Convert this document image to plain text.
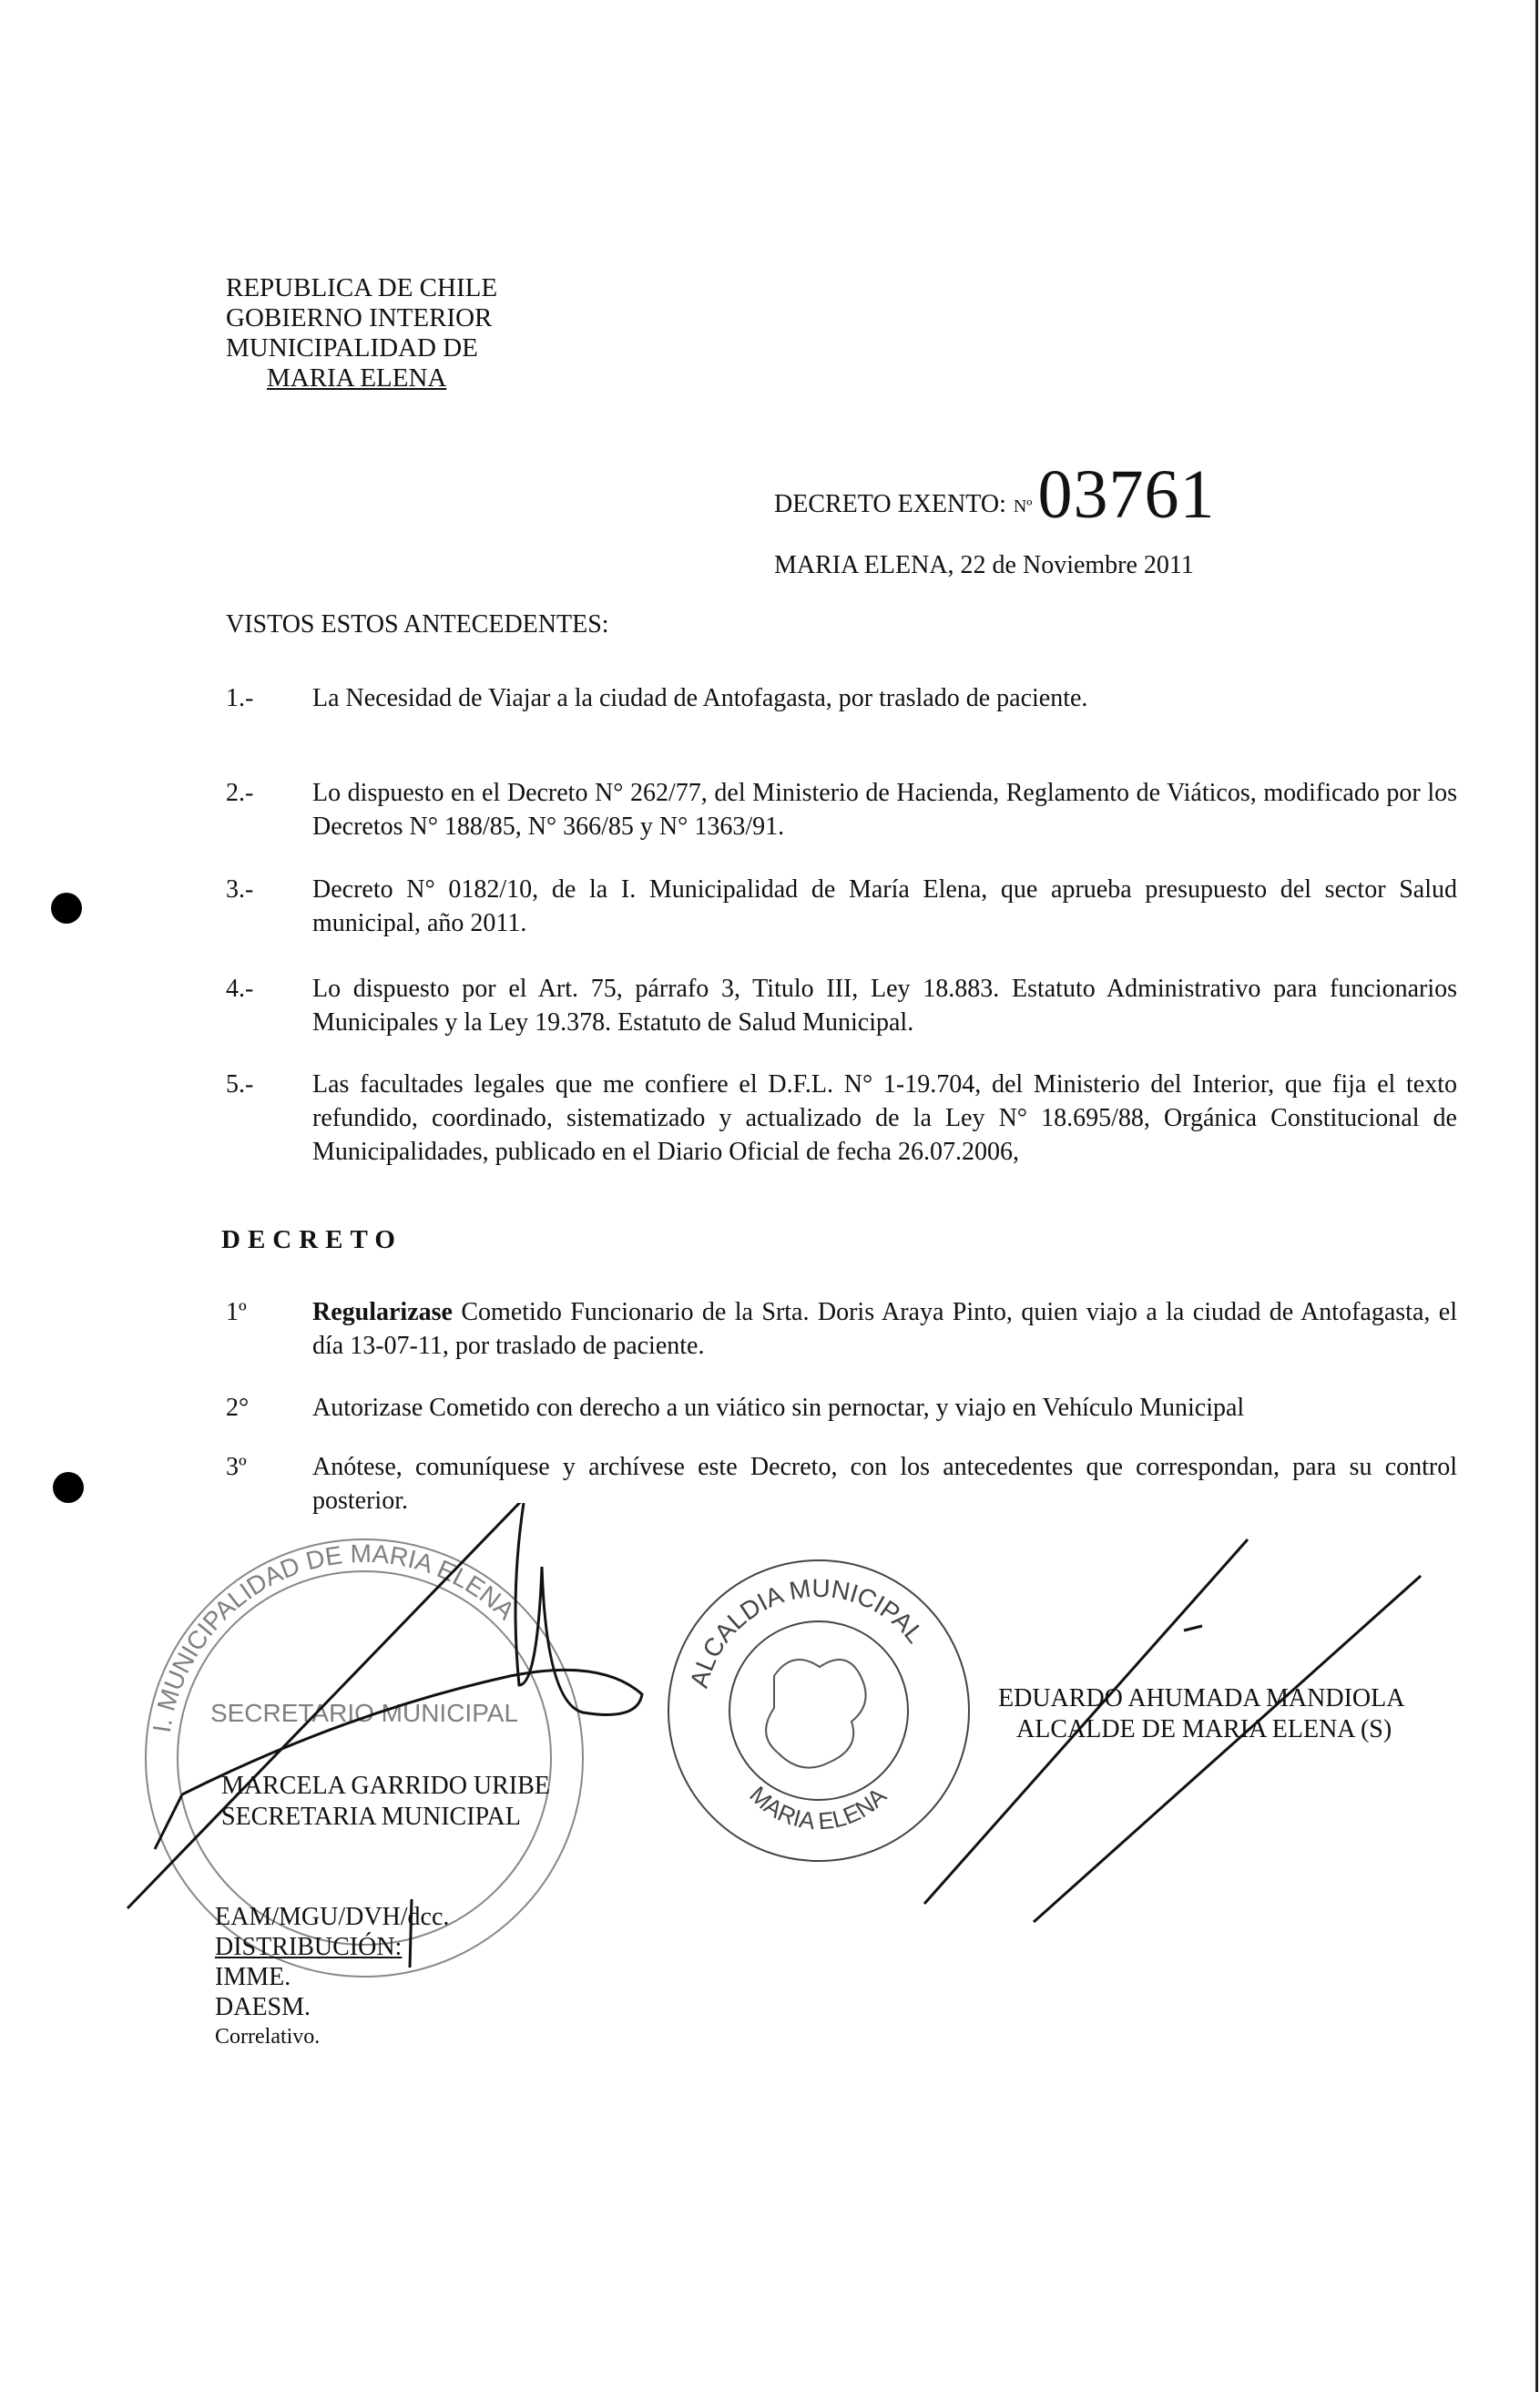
REPUBLICA DE CHILE
GOBIERNO INTERIOR
MUNICIPALIDAD DE
MARIA ELENA
DECRETO EXENTO: Nº03761
MARIA ELENA, 22 de Noviembre 2011
VISTOS ESTOS ANTECEDENTES:
1.- La Necesidad de Viajar a la ciudad de Antofagasta, por traslado de paciente.
2.- Lo dispuesto en el Decreto N° 262/77, del Ministerio de Hacienda, Reglamento de Viáticos, modificado por los Decretos N° 188/85, N° 366/85 y N° 1363/91.
3.- Decreto N° 0182/10, de la I. Municipalidad de María Elena, que aprueba presupuesto del sector Salud municipal, año 2011.
4.- Lo dispuesto por el Art. 75, párrafo 3, Titulo III, Ley 18.883. Estatuto Administrativo para funcionarios Municipales y la Ley 19.378. Estatuto de Salud Municipal.
5.- Las facultades legales que me confiere el D.F.L. N° 1-19.704, del Ministerio del Interior, que fija el texto refundido, coordinado, sistematizado y actualizado de la Ley N° 18.695/88, Orgánica Constitucional de Municipalidades, publicado en el Diario Oficial de fecha 26.07.2006,
DECRETO
1º	Regularizase Cometido Funcionario de la Srta. Doris Araya Pinto, quien viajo a la ciudad de Antofagasta, el día 13-07-11, por traslado de paciente.
2° Autorizase Cometido con derecho a un viático sin pernoctar, y viajo en Vehículo Municipal
3º	Anótese, comuníquese y archívese este Decreto, con los antecedentes que correspondan, para su control posterior.
I. MUNICIPALIDAD DE MARIA ELENA
SECRETARIO MUNICIPAL
ALCALDIA MUNICIPAL
MARIA ELENA
MARCELA GARRIDO URIBE
SECRETARIA MUNICIPAL
EDUARDO AHUMADA MANDIOLA
ALCALDE DE MARIA ELENA (S)
EAM/MGU/DVH/dcc.
DISTRIBUCIÓN:
IMME.
DAESM.
Correlativo.
